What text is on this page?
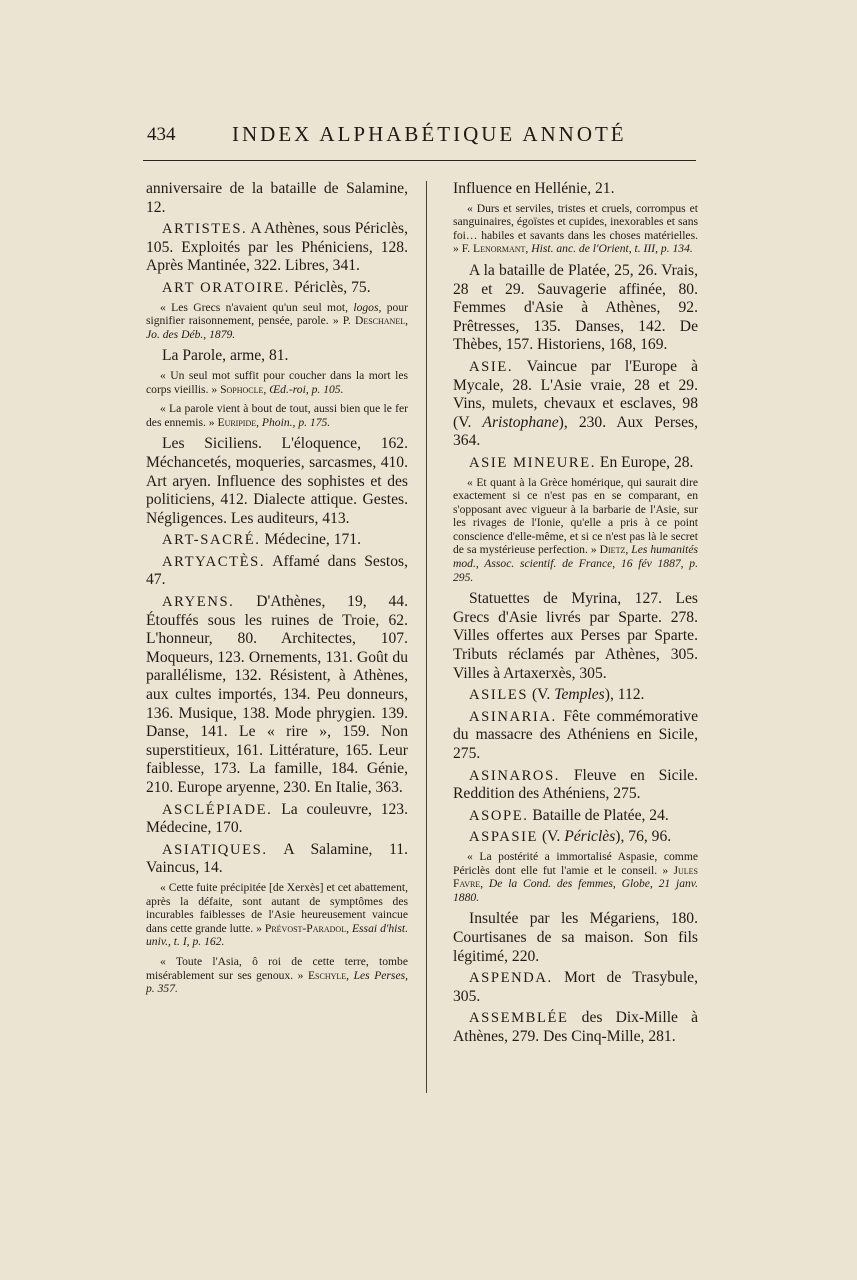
434	INDEX ALPHABÉTIQUE ANNOTÉ

anniversaire de la bataille de Salamine, 12.

ARTISTES. A Athènes, sous Périclès, 105. Exploités par les Phéniciens, 128. Après Mantinée, 322. Libres, 341.

ART ORATOIRE. Périclès, 75.

« Les Grecs n'avaient qu'un seul mot, logos, pour signifier raisonnement, pensée, parole. » P. Deschanel, Jo. des Déb., 1879.

La Parole, arme, 81.

« Un seul mot suffit pour coucher dans la mort les corps vieillis. » Sophocle, Œd.-roi, p. 105.

« La parole vient à bout de tout, aussi bien que le fer des ennemis. » Euripide, Phoin., p. 175.

Les Siciliens. L'éloquence, 162. Méchancetés, moqueries, sarcasmes, 410. Art aryen. Influence des sophistes et des politiciens, 412. Dialecte attique. Gestes. Négligences. Les auditeurs, 413.

ART-SACRÉ. Médecine, 171.

ARTYACTÈS. Affamé dans Sestos, 47.

ARYENS. D'Athènes, 19, 44. Étouffés sous les ruines de Troie, 62. L'honneur, 80. Architectes, 107. Moqueurs, 123. Ornements, 131. Goût du parallélisme, 132. Résistent, à Athènes, aux cultes importés, 134. Peu donneurs, 136. Musique, 138. Mode phrygien. 139. Danse, 141. Le « rire », 159. Non superstitieux, 161. Littérature, 165. Leur faiblesse, 173. La famille, 184. Génie, 210. Europe aryenne, 230. En Italie, 363.

ASCLÉPIADE. La couleuvre, 123. Médecine, 170.

ASIATIQUES. A Salamine, 11. Vaincus, 14.

« Cette fuite précipitée [de Xerxès] et cet abattement, après la défaite, sont autant de symptômes des incurables faiblesses de l'Asie heureusement vaincue dans cette grande lutte. » Prévost-Paradol, Essai d'hist. univ., t. I, p. 162.

« Toute l'Asia, ô roi de cette terre, tombe misérablement sur ses genoux. » Eschyle, Les Perses, p. 357.

Influence en Hellénie, 21.

« Durs et serviles, tristes et cruels, corrompus et sanguinaires, égoïstes et cupides, inexorables et sans foi… habiles et savants dans les choses matérielles. » F. Lenormant, Hist. anc. de l'Orient, t. III, p. 134.

A la bataille de Platée, 25, 26. Vrais, 28 et 29. Sauvagerie affinée, 80. Femmes d'Asie à Athènes, 92. Prêtresses, 135. Danses, 142. De Thèbes, 157. Historiens, 168, 169.

ASIE. Vaincue par l'Europe à Mycale, 28. L'Asie vraie, 28 et 29. Vins, mulets, chevaux et esclaves, 98 (V. Aristophane), 230. Aux Perses, 364.

ASIE MINEURE. En Europe, 28.

« Et quant à la Grèce homérique, qui saurait dire exactement si ce n'est pas en se comparant, en s'opposant avec vigueur à la barbarie de l'Asie, sur les rivages de l'Ionie, qu'elle a pris à ce point conscience d'elle-même, et si ce n'est pas là le secret de sa mystérieuse perfection. » Dietz, Les humanités mod., Assoc. scientif. de France, 16 fév 1887, p. 295.

Statuettes de Myrina, 127. Les Grecs d'Asie livrés par Sparte. 278. Villes offertes aux Perses par Sparte. Tributs réclamés par Athènes, 305. Villes à Artaxerxès, 305.

ASILES (V. Temples), 112.

ASINARIA. Fête commémorative du massacre des Athéniens en Sicile, 275.

ASINAROS. Fleuve en Sicile. Reddition des Athéniens, 275.

ASOPE. Bataille de Platée, 24.

ASPASIE (V. Périclès), 76, 96.

« La postérité a immortalisé Aspasie, comme Périclès dont elle fut l'amie et le conseil. » Jules Favre, De la Cond. des femmes, Globe, 21 janv. 1880.

Insultée par les Mégariens, 180. Courtisanes de sa maison. Son fils légitimé, 220.

ASPENDA. Mort de Trasybule, 305.

ASSEMBLÉE des Dix-Mille à Athènes, 279. Des Cinq-Mille, 281.
